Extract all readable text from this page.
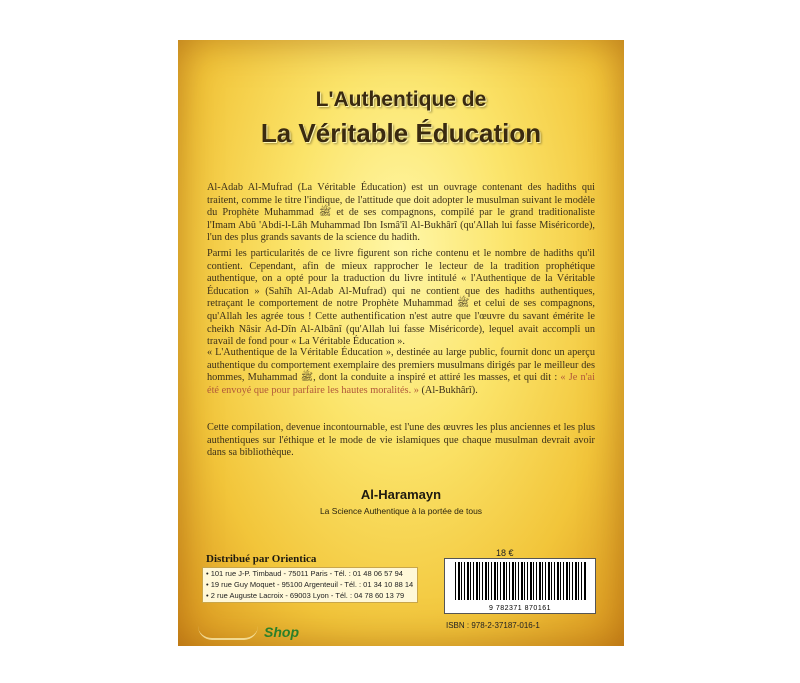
L'Authentique de
La Véritable Éducation
Al-Adab Al-Mufrad (La Véritable Éducation) est un ouvrage contenant des hadiths qui traitent, comme le titre l'indique, de l'attitude que doit adopter le musulman suivant le modèle du Prophète Muhammad ﷺ et de ses compagnons, compilé par le grand traditionaliste l'Imam Abû 'Abdi-l-Lâh Muhammad Ibn Ismâ'îl Al-Bukhârî (qu'Allah lui fasse Miséricorde), l'un des plus grands savants de la science du hadith.
Parmi les particularités de ce livre figurent son riche contenu et le nombre de hadiths qu'il contient. Cependant, afin de mieux rapprocher le lecteur de la tradition prophétique authentique, on a opté pour la traduction du livre intitulé « l'Authentique de la Véritable Éducation » (Sahîh Al-Adab Al-Mufrad) qui ne contient que des hadiths authentiques, retraçant le comportement de notre Prophète Muhammad ﷺ et celui de ses compagnons, qu'Allah les agrée tous ! Cette authentification n'est autre que l'œuvre du savant émérite le cheikh Nâsir Ad-Dîn Al-Albânî (qu'Allah lui fasse Miséricorde), lequel avait accompli un travail de fond pour « La Véritable Éducation ».
« L'Authentique de la Véritable Éducation », destinée au large public, fournit donc un aperçu authentique du comportement exemplaire des premiers musulmans dirigés par le meilleur des hommes, Muhammad ﷺ, dont la conduite a inspiré et attiré les masses, et qui dit : « Je n'ai été envoyé que pour parfaire les hautes moralités. » (Al-Bukhârî).
Cette compilation, devenue incontournable, est l'une des œuvres les plus anciennes et les plus authentiques sur l'éthique et le mode de vie islamiques que chaque musulman devrait avoir dans sa bibliothèque.
Al-Haramayn
La Science Authentique à la portée de tous
Distribué par Orientica
• 101 rue J-P. Timbaud - 75011 Paris - Tél. : 01 48 06 57 94
• 19 rue Guy Moquet - 95100 Argenteuil - Tél. : 01 34 10 88 14
• 2 rue Auguste Lacroix - 69003 Lyon - Tél. : 04 78 60 13 79
18 €
9 782371 870161
ISBN : 978-2-37187-016-1
Shop
